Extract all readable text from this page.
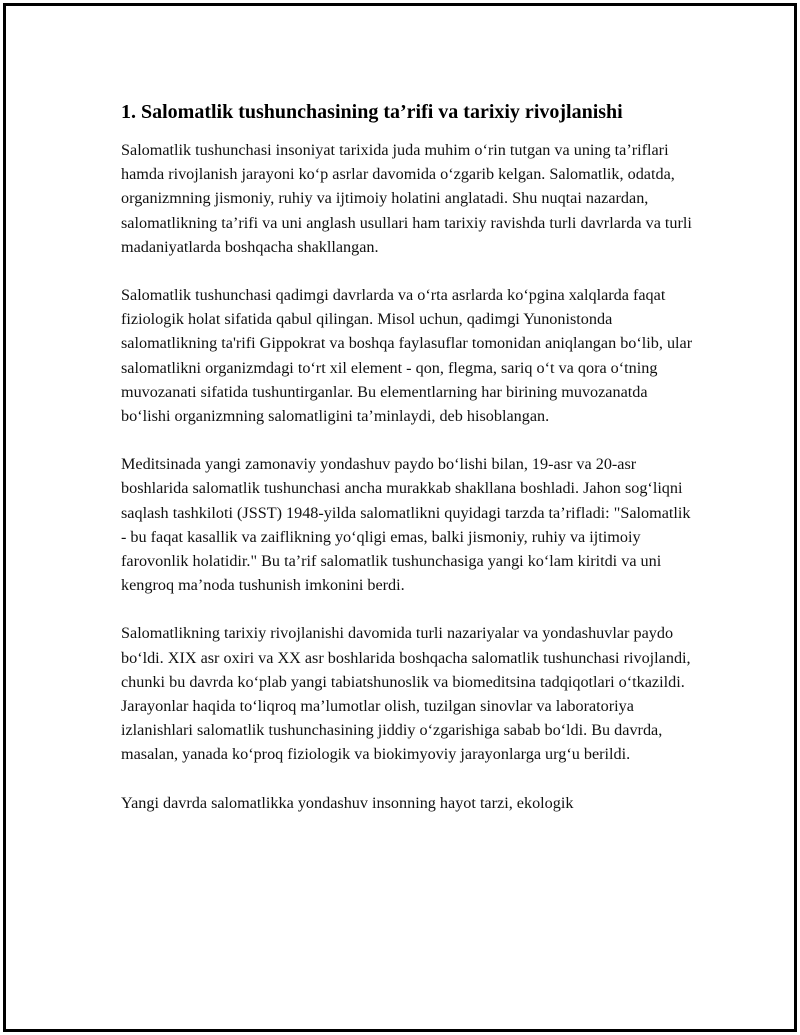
1. Salomatlik tushunchasining ta’rifi va tarixiy rivojlanishi

Salomatlik tushunchasi insoniyat tarixida juda muhim o‘rin tutgan va uning ta’riflari hamda rivojlanish jarayoni ko‘p asrlar davomida o‘zgarib kelgan. Salomatlik, odatda, organizmning jismoniy, ruhiy va ijtimoiy holatini anglatadi. Shu nuqtai nazardan, salomatlikning ta’rifi va uni anglash usullari ham tarixiy ravishda turli davrlarda va turli madaniyatlarda boshqacha shakllangan.

Salomatlik tushunchasi qadimgi davrlarda va o‘rta asrlarda ko‘pgina xalqlarda faqat fiziologik holat sifatida qabul qilingan. Misol uchun, qadimgi Yunonistonda salomatlikning ta'rifi Gippokrat va boshqa faylasuflar tomonidan aniqlangan bo‘lib, ular salomatlikni organizmdagi to‘rt xil element - qon, flegma, sariq o‘t va qora o‘tning muvozanati sifatida tushuntirganlar. Bu elementlarning har birining muvozanatda bo‘lishi organizmning salomatligini ta’minlaydi, deb hisoblangan.

Meditsinada yangi zamonaviy yondashuv paydo bo‘lishi bilan, 19-asr va 20-asr boshlarida salomatlik tushunchasi ancha murakkab shakllana boshladi. Jahon sog‘liqni saqlash tashkiloti (JSST) 1948-yilda salomatlikni quyidagi tarzda ta’rifladi: "Salomatlik - bu faqat kasallik va zaiflikning yo‘qligi emas, balki jismoniy, ruhiy va ijtimoiy farovonlik holatidir." Bu ta’rif salomatlik tushunchasiga yangi ko‘lam kiritdi va uni kengroq ma’noda tushunish imkonini berdi.

Salomatlikning tarixiy rivojlanishi davomida turli nazariyalar va yondashuvlar paydo bo‘ldi. XIX asr oxiri va XX asr boshlarida boshqacha salomatlik tushunchasi rivojlandi, chunki bu davrda ko‘plab yangi tabiatshunoslik va biomeditsina tadqiqotlari o‘tkazildi. Jarayonlar haqida to‘liqroq ma’lumotlar olish, tuzilgan sinovlar va laboratoriya izlanishlari salomatlik tushunchasining jiddiy o‘zgarishiga sabab bo‘ldi. Bu davrda, masalan, yanada ko‘proq fiziologik va biokimyoviy jarayonlarga urg‘u berildi.

Yangi davrda salomatlikka yondashuv insonning hayot tarzi, ekologik
